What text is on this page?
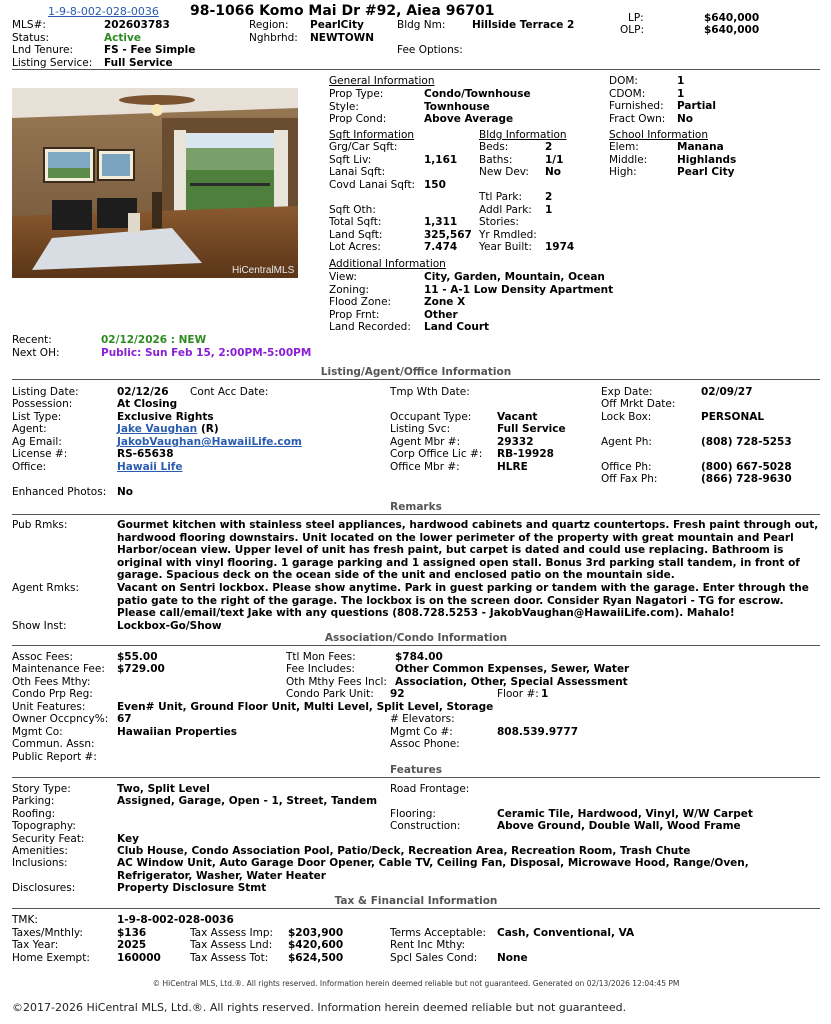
1-9-8-002-028-0036 98-1066 Komo Mai Dr #92, Aiea 96701
MLS#:	202603783
Status:	Active
Lnd Tenure:	FS - Fee Simple
Listing Service: Full Service
Region: PearlCity
Nghbrhd: NEWTOWN
Bldg Nm:	Hillside Terrace 2
Fee Options:
LP:	$640,000
OLP:	$640,000
HiCentralMLS
General Information
Prop Type:	Condo/Townhouse
Style:	Townhouse
Prop Cond:	Above Average
DOM:	1
CDOM:	1
Furnished: Partial
Fract Own: No
Sqft Information
Grg/Car Sqft:
Sqft Liv:	1,161
Lanai Sqft:
Covd Lanai Sqft: 150
Sqft Oth:
Total Sqft:	1,311
Land Sqft:	325,567
Lot Acres:	7.474
Bldg Information
Beds:	2
Baths:	1/1
New Dev: No
Ttl Park: 2
Addl Park: 1
Stories:
Yr Rmdled:
Year Built: 1974
School Information
Elem:	Manana
Middle:	Highlands
High:	Pearl City
Additional Information
View:	City, Garden, Mountain, Ocean
Zoning:	11 - A-1 Low Density Apartment
Flood Zone:	Zone X
Prop Frnt:	Other
Land Recorded: Land Court
Recent:	02/12/2026 : NEW
Next OH:	Public: Sun Feb 15, 2:00PM-5:00PM
Listing/Agent/Office Information
Listing Date:	02/12/26 Cont Acc Date:	Tmp Wth Date:	Exp Date:	02/09/27
Possession:	At Closing	Off Mrkt Date:
List Type:	Exclusive Rights	Occupant Type: Vacant	Lock Box:	PERSONAL
Agent:	Jake Vaughan (R)	Listing Svc:	Full Service
Ag Email:	JakobVaughan@HawaiiLife.com	Agent Mbr #:	29332	Agent Ph:	(808) 728-5253
License #:	RS-65638	Corp Office Lic #: RB-19928
Office:	Hawaii Life	Office Mbr #:	HLRE	Office Ph:	(800) 667-5028
Off Fax Ph:	(866) 728-9630
Enhanced Photos: No
Remarks
Pub Rmks:	Gourmet kitchen with stainless steel appliances, hardwood cabinets and quartz countertops. Fresh paint through out, hardwood flooring downstairs. Unit located on the lower perimeter of the property with great mountain and Pearl Harbor/ocean view. Upper level of unit has fresh paint, but carpet is dated and could use replacing. Bathroom is original with vinyl flooring. 1 garage parking and 1 assigned open stall. Bonus 3rd parking stall tandem, in front of garage. Spacious deck on the ocean side of the unit and enclosed patio on the mountain side.
Agent Rmks:	Vacant on Sentri lockbox. Please show anytime. Park in guest parking or tandem with the garage. Enter through the patio gate to the right of the garage. The lockbox is on the screen door. Consider Ryan Nagatori - TG for escrow. Please call/email/text Jake with any questions (808.728.5253 - JakobVaughan@HawaiiLife.com). Mahalo!
Show Inst:	Lockbox-Go/Show
Association/Condo Information
Assoc Fees:	$55.00	Ttl Mon Fees:	$784.00
Maintenance Fee: $729.00	Fee Includes:	Other Common Expenses, Sewer, Water
Oth Fees Mthy:	Oth Mthy Fees Incl: Association, Other, Special Assessment
Condo Prp Reg:	Condo Park Unit: 92	Floor #: 1
Unit Features:	Even# Unit, Ground Floor Unit, Multi Level, Split Level, Storage
Owner Occpncy%: 67	# Elevators:
Mgmt Co:	Hawaiian Properties	Mgmt Co #:	808.539.9777
Commun. Assn:	Assoc Phone:
Public Report #:
Features
Story Type:	Two, Split Level	Road Frontage:
Parking:	Assigned, Garage, Open - 1, Street, Tandem
Roofing:	Flooring:	Ceramic Tile, Hardwood, Vinyl, W/W Carpet
Topography:	Construction:	Above Ground, Double Wall, Wood Frame
Security Feat:	Key
Amenities:	Club House, Condo Association Pool, Patio/Deck, Recreation Area, Recreation Room, Trash Chute
Inclusions:	AC Window Unit, Auto Garage Door Opener, Cable TV, Ceiling Fan, Disposal, Microwave Hood, Range/Oven, Refrigerator, Washer, Water Heater
Disclosures:	Property Disclosure Stmt
Tax & Financial Information
TMK:	1-9-8-002-028-0036
Taxes/Mnthly:	$136	Tax Assess Imp: $203,900	Terms Acceptable: Cash, Conventional, VA
Tax Year:	2025	Tax Assess Lnd: $420,600	Rent Inc Mthy:
Home Exempt:	160000	Tax Assess Tot: $624,500	Spcl Sales Cond: None
© HiCentral MLS, Ltd.®. All rights reserved. Information herein deemed reliable but not guaranteed. Generated on 02/13/2026 12:04:45 PM
©2017-2026 HiCentral MLS, Ltd.®. All rights reserved. Information herein deemed reliable but not guaranteed.
